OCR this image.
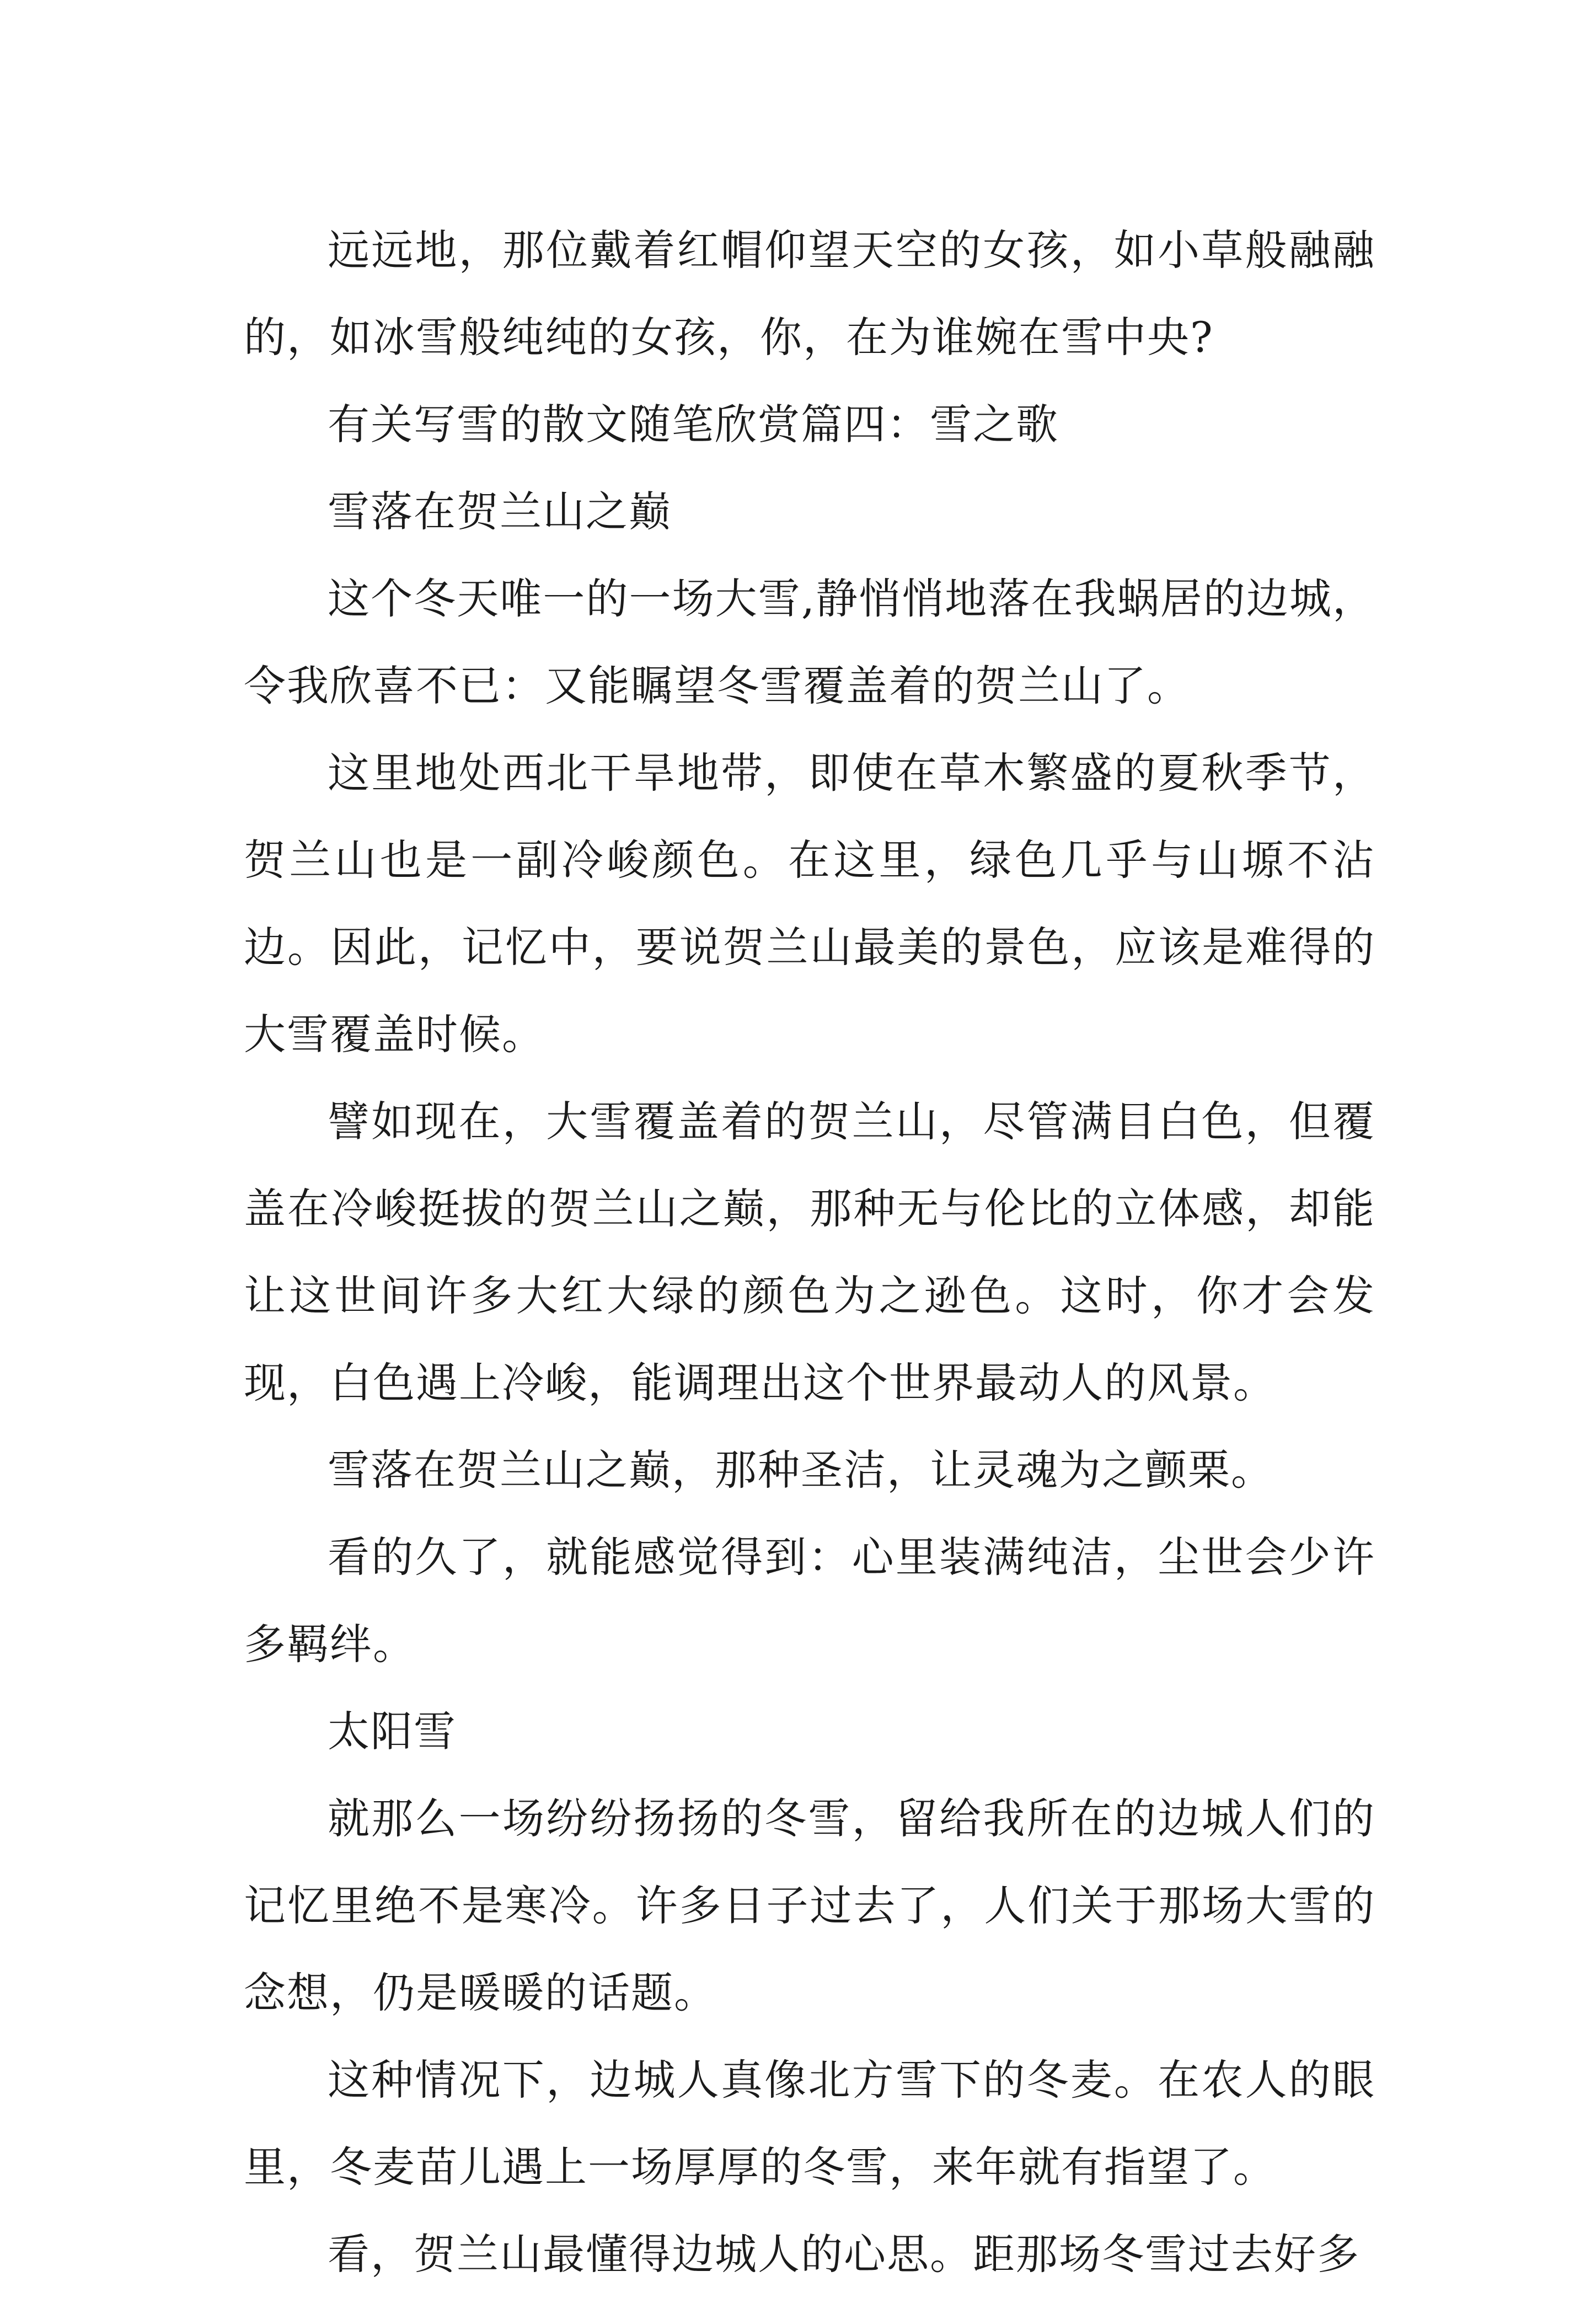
远远地，那位戴着红帽仰望天空的女孩，如小草般融融的，如冰雪般纯纯的女孩，你，在为谁婉在雪中央?

有关写雪的散文随笔欣赏篇四：雪之歌

雪落在贺兰山之巅

这个冬天唯一的一场大雪,静悄悄地落在我蜗居的边城，令我欣喜不已：又能瞩望冬雪覆盖着的贺兰山了。

这里地处西北干旱地带，即使在草木繁盛的夏秋季节，贺兰山也是一副冷峻颜色。在这里，绿色几乎与山塬不沾边。因此，记忆中，要说贺兰山最美的景色，应该是难得的大雪覆盖时候。

譬如现在，大雪覆盖着的贺兰山，尽管满目白色，但覆盖在冷峻挺拔的贺兰山之巅，那种无与伦比的立体感，却能让这世间许多大红大绿的颜色为之逊色。这时，你才会发现，白色遇上冷峻，能调理出这个世界最动人的风景。

雪落在贺兰山之巅，那种圣洁，让灵魂为之颤栗。

看的久了，就能感觉得到：心里装满纯洁，尘世会少许多羁绊。

太阳雪

就那么一场纷纷扬扬的冬雪，留给我所在的边城人们的记忆里绝不是寒冷。许多日子过去了，人们关于那场大雪的念想，仍是暖暖的话题。

这种情况下，边城人真像北方雪下的冬麦。在农人的眼里，冬麦苗儿遇上一场厚厚的冬雪，来年就有指望了。

看，贺兰山最懂得边城人的心思。距那场冬雪过去好多
